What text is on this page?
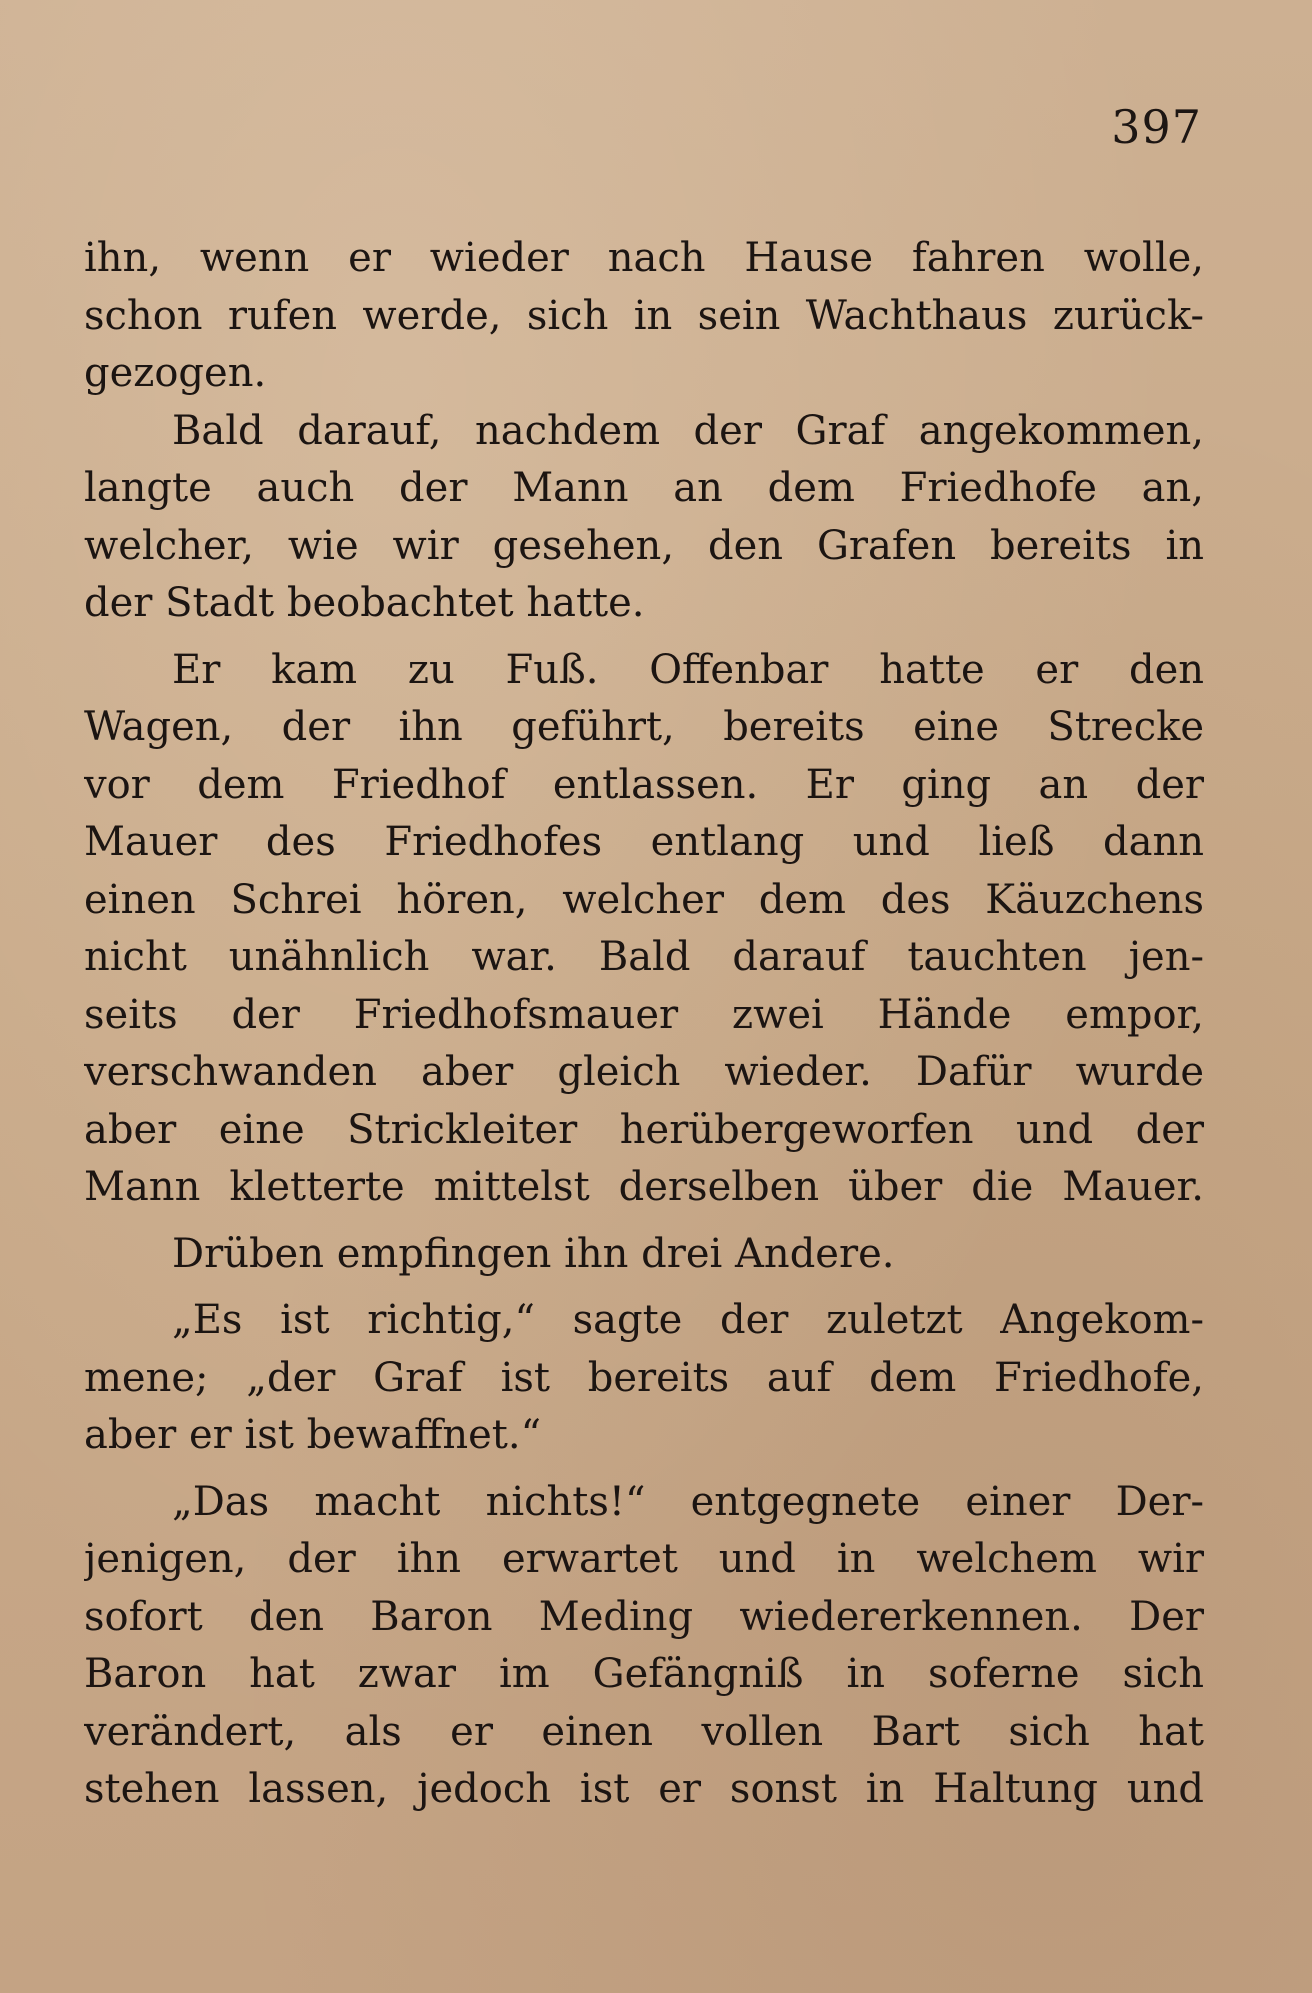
397
ihn, wenn er wieder nach Hause fahren wolle,
schon rufen werde, sich in sein Wachthaus zurück-
gezogen.
Bald darauf, nachdem der Graf angekommen,
langte auch der Mann an dem Friedhofe an,
welcher, wie wir gesehen, den Grafen bereits in
der Stadt beobachtet hatte.
Er kam zu Fuß. Offenbar hatte er den
Wagen, der ihn geführt, bereits eine Strecke
vor dem Friedhof entlassen. Er ging an der
Mauer des Friedhofes entlang und ließ dann
einen Schrei hören, welcher dem des Käuzchens
nicht unähnlich war. Bald darauf tauchten jen-
seits der Friedhofsmauer zwei Hände empor,
verschwanden aber gleich wieder. Dafür wurde
aber eine Strickleiter herübergeworfen und der
Mann kletterte mittelst derselben über die Mauer.
Drüben empfingen ihn drei Andere.
„Es ist richtig,“ sagte der zuletzt Angekom-
mene; „der Graf ist bereits auf dem Friedhofe,
aber er ist bewaffnet.“
„Das macht nichts!“ entgegnete einer Der-
jenigen, der ihn erwartet und in welchem wir
sofort den Baron Meding wiedererkennen. Der
Baron hat zwar im Gefängniß in soferne sich
verändert, als er einen vollen Bart sich hat
stehen lassen, jedoch ist er sonst in Haltung und
